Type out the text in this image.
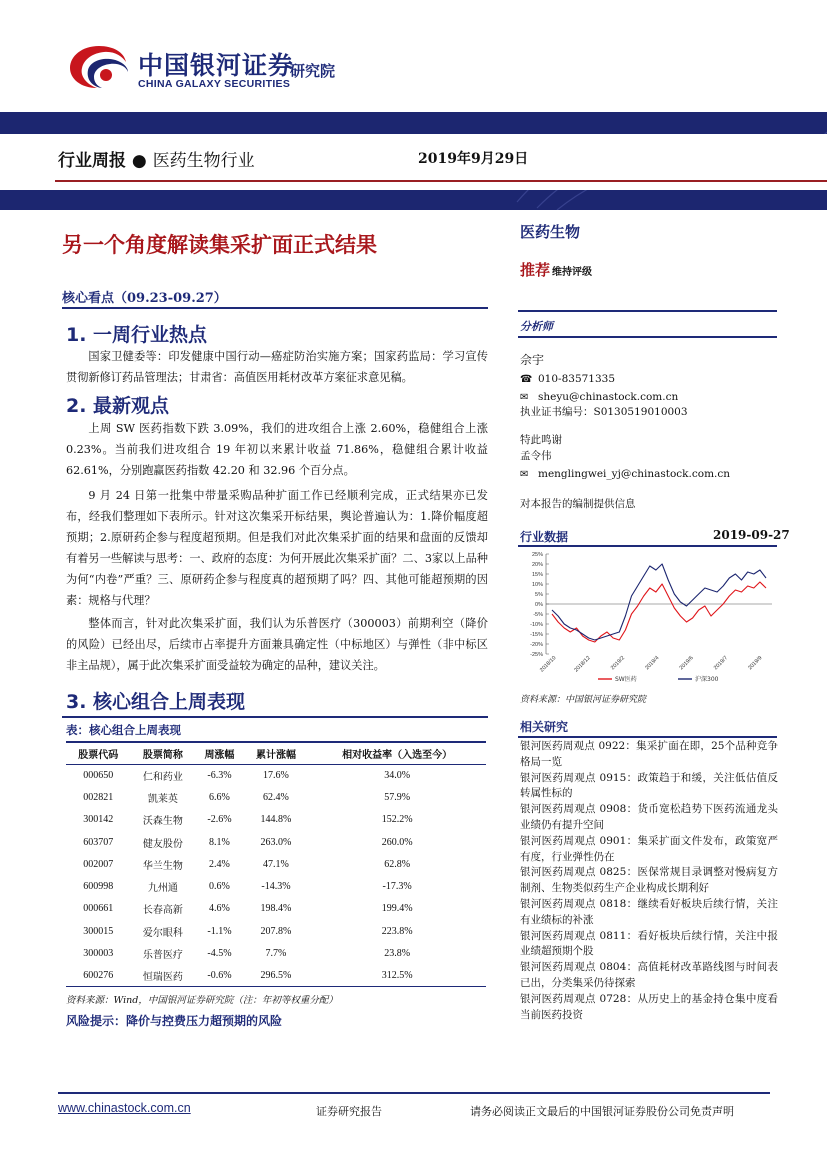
中国银河证券
CHINA GALAXY SECURITIES
研究院
行业周报 ● 医药生物行业	2019年9月29日
另一个角度解读集采扩面正式结果
核心看点（09.23-09.27）
1. 一周行业热点
国家卫健委等：印发健康中国行动—癌症防治实施方案；国家药监局：学习宣传贯彻新修订药品管理法；甘肃省：高值医用耗材改革方案征求意见稿。
2. 最新观点
上周 SW 医药指数下跌 3.09%，我们的进攻组合上涨 2.60%，稳健组合上涨 0.23%。当前我们进攻组合 19 年初以来累计收益 71.86%，稳健组合累计收益 62.61%，分别跑赢医药指数 42.20 和 32.96 个百分点。
9 月 24 日第一批集中带量采购品种扩面工作已经顺利完成，正式结果亦已发布，经我们整理如下表所示。针对这次集采开标结果，舆论普遍认为：1.降价幅度超预期；2.原研药企参与程度超预期。但是我们对此次集采扩面的结果和盘面的反馈却有着另一些解读与思考：一、政府的态度：为何开展此次集采扩面？二、3家以上品种为何“内卷”严重？三、原研药企参与程度真的超预期了吗？四、其他可能超预期的因素：规格与代理？
整体而言，针对此次集采扩面，我们认为乐普医疗（300003）前期利空（降价的风险）已经出尽，后续市占率提升方面兼具确定性（中标地区）与弹性（非中标区非主品规），属于此次集采扩面受益较为确定的品种，建议关注。
3. 核心组合上周表现
表：核心组合上周表现
股票代码	股票简称	周涨幅	累计涨幅	相对收益率（入选至今）
000650	仁和药业	-6.3%	17.6%	34.0%
002821	凯莱英	6.6%	62.4%	57.9%
300142	沃森生物	-2.6%	144.8%	152.2%
603707	健友股份	8.1%	263.0%	260.0%
002007	华兰生物	2.4%	47.1%	62.8%
600998	九州通	0.6%	-14.3%	-17.3%
000661	长春高新	4.6%	198.4%	199.4%
300015	爱尔眼科	-1.1%	207.8%	223.8%
300003	乐普医疗	-4.5%	7.7%	23.8%
600276	恒瑞医药	-0.6%	296.5%	312.5%
资料来源：Wind，中国银河证券研究院（注：年初等权重分配）
风险提示：降价与控费压力超预期的风险
医药生物
推荐 维持评级
分析师
佘宇
☎ 010-83571335
✉ sheyu@chinastock.com.cn
执业证书编号：S0130519010003
特此鸣谢
孟令伟
✉ menglingwei_yj@chinastock.com.cn
对本报告的编制提供信息
行业数据	2019-09-27
25%
20%
15%
10%
5%
0%
-5%
-10%
-15%
-20%
-25%
2018/10	2018/12	2019/2	2019/4	2019/6	2019/7	2019/9
SW医药	沪深300
资料来源：中国银河证券研究院
相关研究
银河医药周观点 0922：集采扩面在即，25个品种竞争格局一览
银河医药周观点 0915：政策趋于和缓，关注低估值反转属性标的
银河医药周观点 0908：货币宽松趋势下医药流通龙头业绩仍有提升空间
银河医药周观点 0901：集采扩面文件发布，政策宽严有度，行业弹性仍在
银河医药周观点 0825：医保常规目录调整对慢病复方制剂、生物类似药生产企业构成长期利好
银河医药周观点 0818：继续看好板块后续行情，关注有业绩标的补涨
银河医药周观点 0811：看好板块后续行情，关注中报业绩超预期个股
银河医药周观点 0804：高值耗材改革路线图与时间表已出，分类集采仍待探索
银河医药周观点 0728：从历史上的基金持仓集中度看当前医药投资
www.chinastock.com.cn	证券研究报告	请务必阅读正文最后的中国银河证券股份公司免责声明
